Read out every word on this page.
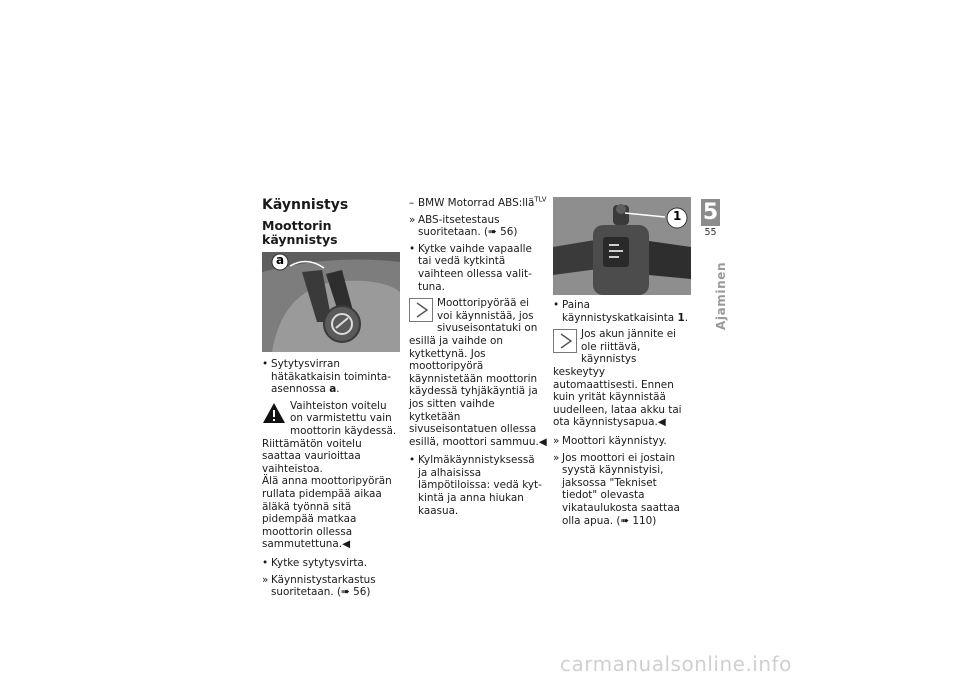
Käynnistys
Moottorin käynnistys
a
• Sytytysvirran hätäkatkaisin toiminta-asennossa a.
Vaihteiston voitelu on varmistettu vain moottorin käydessä. Riittämätön voitelu saattaa vaurioittaa vaihteistoa.
Älä anna moottoripyörän rullata pidempää aikaa äläkä työnnä sitä pidempää matkaa moottorin ollessa sammutettuna.◀
• Kytke sytytysvirta.
» Käynnistystarkastus suoritetaan. (➠ 56)
– BMW Motorrad ABS:llä$^{TLV}$
» ABS-itsetestaus suoritetaan. (➠ 56)
• Kytke vaihde vapaalle tai vedä kytkintä vaihteen ollessa valittuna.
Moottoripyörää ei voi käynnistää, jos sivuseisontatuki on esillä ja vaihde on kytkettynä. Jos moottoripyörä käynnistetään moottorin käydessä tyhjäkäyntiä ja jos sitten vaihde kytketään sivuseisontatuen ollessa esillä, moottori sammuu.◀
• Kylmäkäynnistyksessä ja alhaisissa lämpötiloissa: vedä kytkintä ja anna hiukan kaasua.
1
• Paina käynnistyskatkaisinta 1.
Jos akun jännite ei ole riittävä, käynnistys keskeytyy automaattisesti. Ennen kuin yrität käynnistää uudelleen, lataa akku tai ota käynnistysapua.◀
» Moottori käynnistyy.
» Jos moottori ei jostain syystä käynnistyisi, jaksossa "Tekniset tiedot" olevasta vikataulukosta saattaa olla apua. (➠ 110)
5
55
Ajaminen
carmanualsonline.info
